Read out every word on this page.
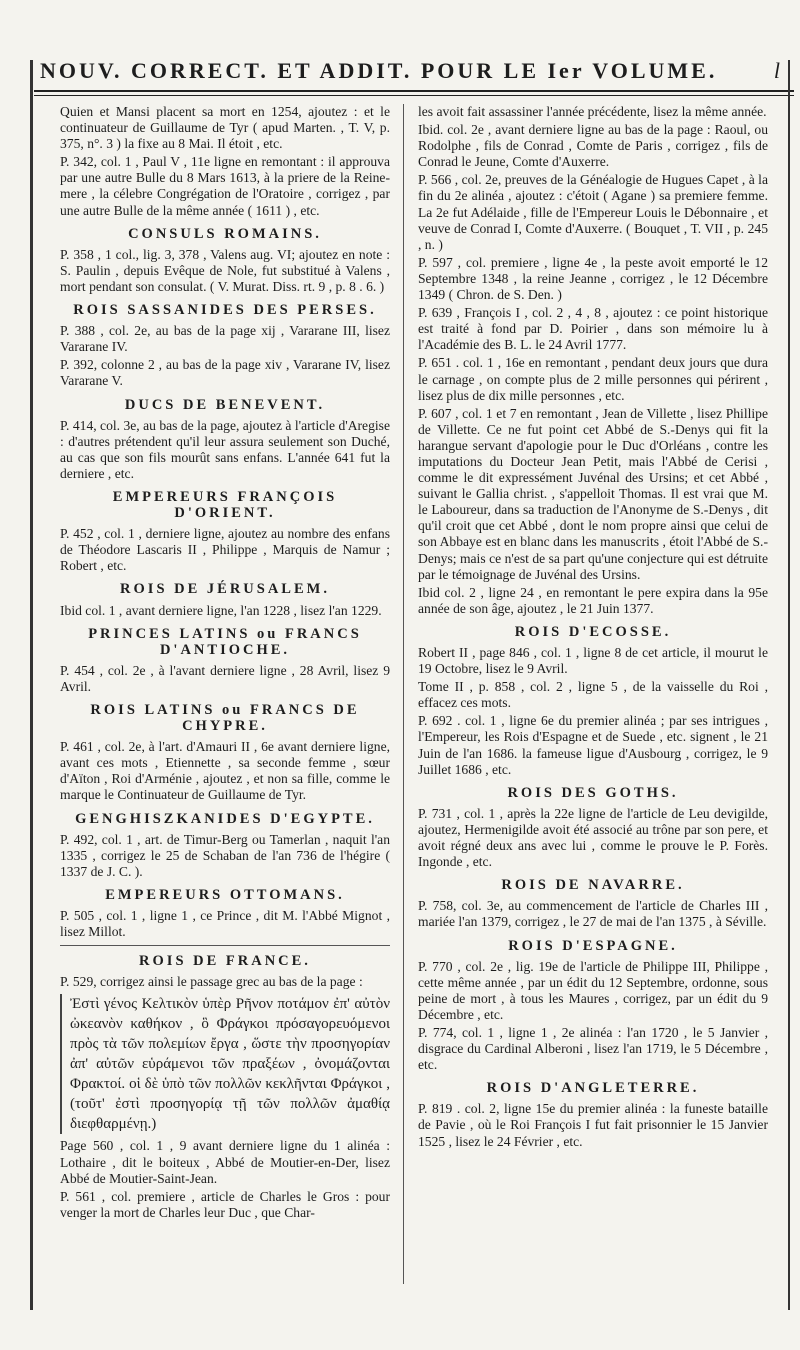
NOUV. CORRECT. ET ADDIT. POUR LE Ier VOLUME.	l

Quien et Mansi placent sa mort en 1254, ajoutez : et le continuateur de Guillaume de Tyr ( apud Marten. , T. V, p. 375, n°. 3 ) la fixe au 8 Mai. Il étoit , etc.

P. 342, col. 1 , Paul V , 11e ligne en remontant : il approuva par une autre Bulle du 8 Mars 1613, à la priere de la Reine-mere , la célebre Congrégation de l'Oratoire , corrigez , par une autre Bulle de la même année ( 1611 ) , etc.

CONSULS ROMAINS.

P. 358 , 1 col., lig. 3, 378 , Valens aug. VI; ajoutez en note : S. Paulin , depuis Evêque de Nole, fut substitué à Valens , mort pendant son consulat. ( V. Murat. Diss. rt. 9 , p. 8 . 6. )

ROIS SASSANIDES DES PERSES.

P. 388 , col. 2e, au bas de la page xij , Vararane III, lisez Vararane IV.

P. 392, colonne 2 , au bas de la page xiv , Vararane IV, lisez Vararane V.

DUCS DE BENEVENT.

P. 414, col. 3e, au bas de la page, ajoutez à l'article d'Aregise : d'autres prétendent qu'il leur assura seulement son Duché, au cas que son fils mourût sans enfans. L'année 641 fut la derniere , etc.

EMPEREURS FRANÇOIS D'ORIENT.

P. 452 , col. 1 , derniere ligne, ajoutez au nombre des enfans de Théodore Lascaris II , Philippe , Marquis de Namur ; Robert , etc.

ROIS DE JÉRUSALEM.

Ibid col. 1 , avant derniere ligne, l'an 1228 , lisez l'an 1229.

PRINCES LATINS ou FRANCS D'ANTIOCHE.

P. 454 , col. 2e , à l'avant derniere ligne , 28 Avril, lisez 9 Avril.

ROIS LATINS ou FRANCS DE CHYPRE.

P. 461 , col. 2e, à l'art. d'Amauri II , 6e avant derniere ligne, avant ces mots , Etiennette , sa seconde femme , sœur d'Aïton , Roi d'Arménie , ajoutez , et non sa fille, comme le marque le Continuateur de Guillaume de Tyr.

GENGHISZKANIDES D'EGYPTE.

P. 492, col. 1 , art. de Timur-Berg ou Tamerlan , naquit l'an 1335 , corrigez le 25 de Schaban de l'an 736 de l'hégire ( 1337 de J. C. ).

EMPEREURS OTTOMANS.

P. 505 , col. 1 , ligne 1 , ce Prince , dit M. l'Abbé Mignot , lisez Millot.

ROIS DE FRANCE.

P. 529, corrigez ainsi le passage grec au bas de la page :

Ἐστὶ γένος Κελτικὸν ὑπὲρ Ρῆνον ποτάμον ἐπ' αὐτὸν ὠκεανὸν καθήκον , ὃ Φράγκοι πρόσαγορευόμενοι πρὸς τὰ τῶν πολεμίων ἔργα , ὥστε τὴν προσηγορίαν ἀπ' αὐτῶν εὑράμενοι τῶν πραξέων , ὀνομάζονται Φρακτοί. οἱ δὲ ὑπὸ τῶν πολλῶν κεκλῆνται Φράγκοι , (τοῦτ' ἐστὶ προσηγορίᾳ τῇ τῶν πολλῶν ἀμαθίᾳ διεφθαρμένῃ.)

Page 560 , col. 1 , 9 avant derniere ligne du 1 alinéa : Lothaire , dit le boiteux , Abbé de Moutier-en-Der, lisez Abbé de Moutier-Saint-Jean.

P. 561 , col. premiere , article de Charles le Gros : pour venger la mort de Charles leur Duc , que Char-

les avoit fait assassiner l'année précédente, lisez la même année.

Ibid. col. 2e , avant derniere ligne au bas de la page : Raoul, ou Rodolphe , fils de Conrad , Comte de Paris , corrigez , fils de Conrad le Jeune, Comte d'Auxerre.

P. 566 , col. 2e, preuves de la Généalogie de Hugues Capet , à la fin du 2e alinéa , ajoutez : c'étoit ( Agane ) sa premiere femme. La 2e fut Adélaide , fille de l'Empereur Louis le Débonnaire , et veuve de Conrad I, Comte d'Auxerre. ( Bouquet , T. VII , p. 245 , n. )

P. 597 , col. premiere , ligne 4e , la peste avoit emporté le 12 Septembre 1348 , la reine Jeanne , corrigez , le 12 Décembre 1349 ( Chron. de S. Den. )

P. 639 , François I , col. 2 , 4 , 8 , ajoutez : ce point historique est traité à fond par D. Poirier , dans son mémoire lu à l'Académie des B. L. le 24 Avril 1777.

P. 651 . col. 1 , 16e en remontant , pendant deux jours que dura le carnage , on compte plus de 2 mille personnes qui périrent , lisez plus de dix mille personnes , etc.

P. 607 , col. 1 et 7 en remontant , Jean de Villette , lisez Phillipe de Villette. Ce ne fut point cet Abbé de S.-Denys qui fit la harangue servant d'apologie pour le Duc d'Orléans , contre les imputations du Docteur Jean Petit, mais l'Abbé de Cerisi , comme le dit expressément Juvénal des Ursins; et cet Abbé , suivant le Gallia christ. , s'appelloit Thomas. Il est vrai que M. le Laboureur, dans sa traduction de l'Anonyme de S.-Denys , dit qu'il croit que cet Abbé , dont le nom propre ainsi que celui de son Abbaye est en blanc dans les manuscrits , étoit l'Abbé de S.-Denys; mais ce n'est de sa part qu'une conjecture qui est détruite par le témoignage de Juvénal des Ursins.

Ibid col. 2 , ligne 24 , en remontant le pere expira dans la 95e année de son âge, ajoutez , le 21 Juin 1377.

ROIS D'ECOSSE.

Robert II , page 846 , col. 1 , ligne 8 de cet article, il mourut le 19 Octobre, lisez le 9 Avril.

Tome II , p. 858 , col. 2 , ligne 5 , de la vaisselle du Roi , effacez ces mots.

P. 692 . col. 1 , ligne 6e du premier alinéa ; par ses intrigues , l'Empereur, les Rois d'Espagne et de Suede , etc. signent , le 21 Juin de l'an 1686. la fameuse ligue d'Ausbourg , corrigez, le 9 Juillet 1686 , etc.

ROIS DES GOTHS.

P. 731 , col. 1 , après la 22e ligne de l'article de Leu devigilde, ajoutez, Hermenigilde avoit été associé au trône par son pere, et avoit régné deux ans avec lui , comme le prouve le P. Forès. Ingonde , etc.

ROIS DE NAVARRE.

P. 758, col. 3e, au commencement de l'article de Charles III , mariée l'an 1379, corrigez , le 27 de mai de l'an 1375 , à Séville.

ROIS D'ESPAGNE.

P. 770 , col. 2e , lig. 19e de l'article de Philippe III, Philippe , cette même année , par un édit du 12 Septembre, ordonne, sous peine de mort , à tous les Maures , corrigez, par un édit du 9 Décembre , etc.

P. 774, col. 1 , ligne 1 , 2e alinéa : l'an 1720 , le 5 Janvier , disgrace du Cardinal Alberoni , lisez l'an 1719, le 5 Décembre , etc.

ROIS D'ANGLETERRE.

P. 819 . col. 2, ligne 15e du premier alinéa : la funeste bataille de Pavie , où le Roi François I fut fait prisonnier le 15 Janvier 1525 , lisez le 24 Février , etc.
